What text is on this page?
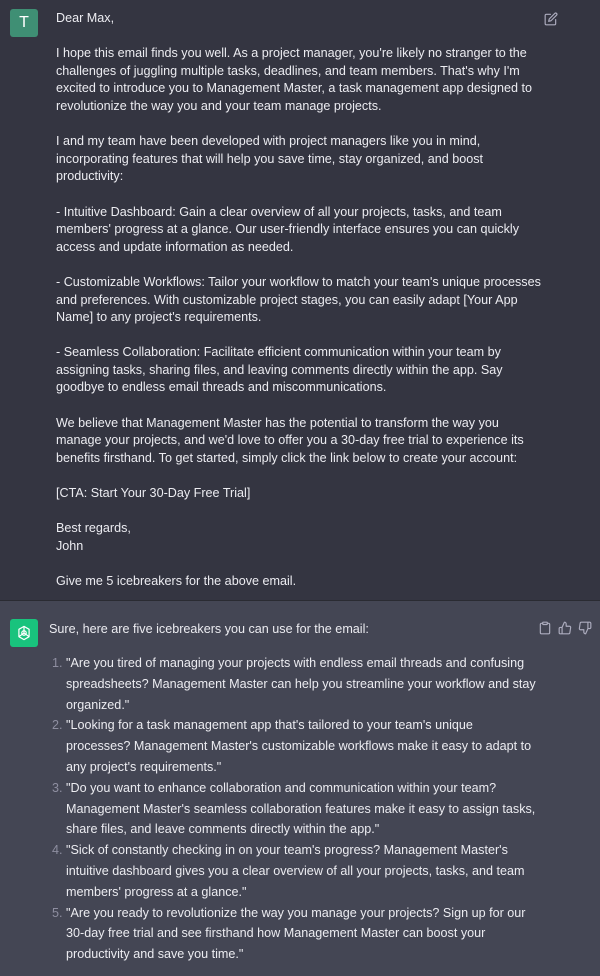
T Dear Max,

I hope this email finds you well. As a project manager, you're likely no stranger to the challenges of juggling multiple tasks, deadlines, and team members. That's why I'm excited to introduce you to Management Master, a task management app designed to revolutionize the way you and your team manage projects.

I and my team have been developed with project managers like you in mind, incorporating features that will help you save time, stay organized, and boost productivity:

- Intuitive Dashboard: Gain a clear overview of all your projects, tasks, and team members' progress at a glance. Our user-friendly interface ensures you can quickly access and update information as needed.

- Customizable Workflows: Tailor your workflow to match your team's unique processes and preferences. With customizable project stages, you can easily adapt [Your App Name] to any project's requirements.

- Seamless Collaboration: Facilitate efficient communication within your team by assigning tasks, sharing files, and leaving comments directly within the app. Say goodbye to endless email threads and miscommunications.

We believe that Management Master has the potential to transform the way you manage your projects, and we'd love to offer you a 30-day free trial to experience its benefits firsthand. To get started, simply click the link below to create your account:

[CTA: Start Your 30-Day Free Trial]

Best regards,
John

Give me 5 icebreakers for the above email.

Sure, here are five icebreakers you can use for the email:
1. "Are you tired of managing your projects with endless email threads and confusing spreadsheets? Management Master can help you streamline your workflow and stay organized."
2. "Looking for a task management app that's tailored to your team's unique processes? Management Master's customizable workflows make it easy to adapt to any project's requirements."
3. "Do you want to enhance collaboration and communication within your team? Management Master's seamless collaboration features make it easy to assign tasks, share files, and leave comments directly within the app."
4. "Sick of constantly checking in on your team's progress? Management Master's intuitive dashboard gives you a clear overview of all your projects, tasks, and team members' progress at a glance."
5. "Are you ready to revolutionize the way you manage your projects? Sign up for our 30-day free trial and see firsthand how Management Master can boost your productivity and save you time."
